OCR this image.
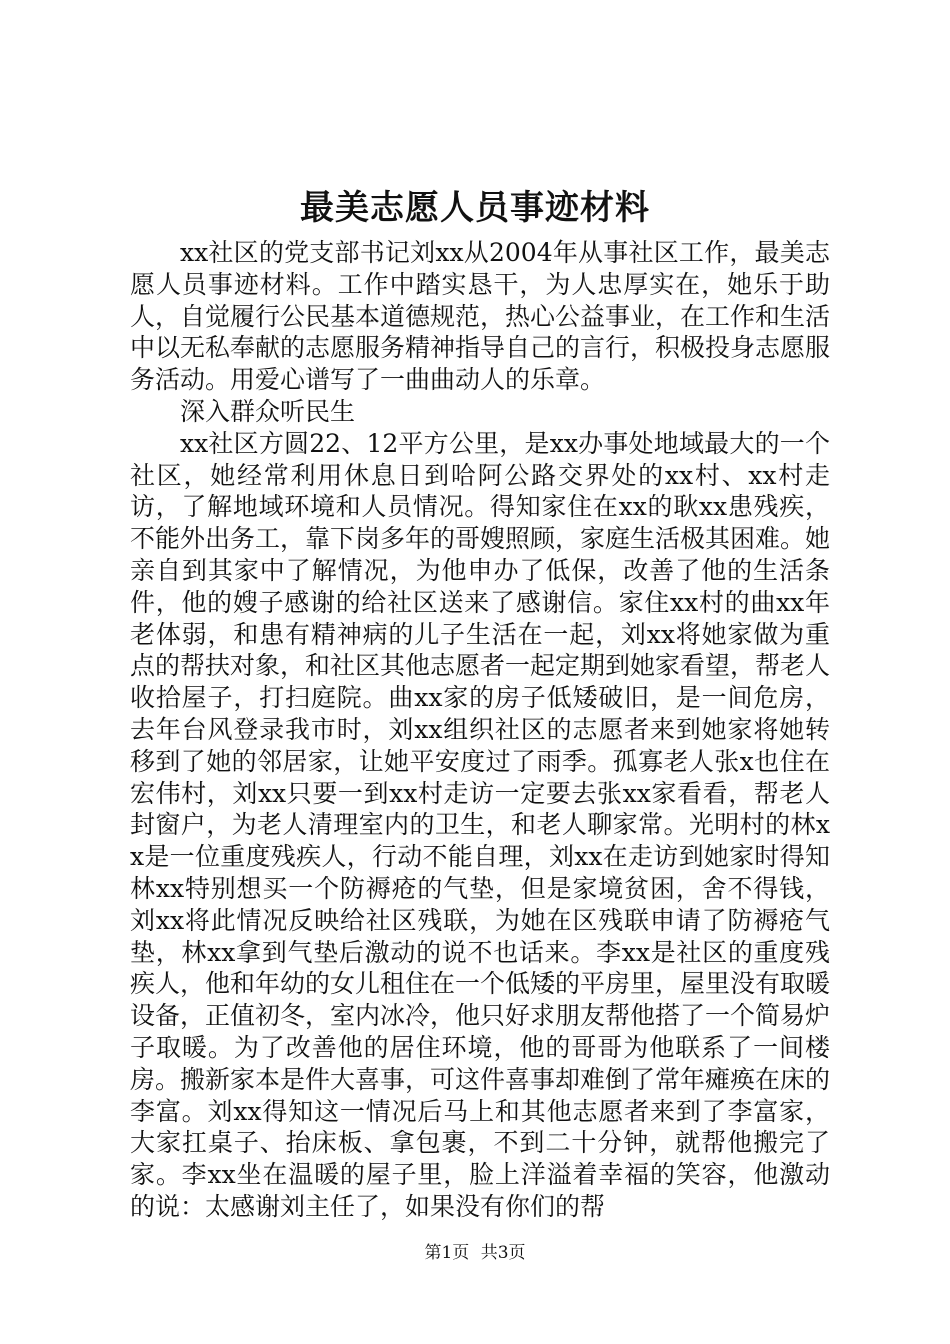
最美志愿人员事迹材料

xx社区的党支部书记刘xx从2004年从事社区工作，最美志愿人员事迹材料。工作中踏实恳干，为人忠厚实在，她乐于助人，自觉履行公民基本道德规范，热心公益事业，在工作和生活中以无私奉献的志愿服务精神指导自己的言行，积极投身志愿服务活动。用爱心谱写了一曲曲动人的乐章。

深入群众听民生

xx社区方圆22、12平方公里，是xx办事处地域最大的一个社区，她经常利用休息日到哈阿公路交界处的xx村、xx村走访，了解地域环境和人员情况。得知家住在xx的耿xx患残疾，不能外出务工，靠下岗多年的哥嫂照顾，家庭生活极其困难。她亲自到其家中了解情况，为他申办了低保，改善了他的生活条件，他的嫂子感谢的给社区送来了感谢信。家住xx村的曲xx年老体弱，和患有精神病的儿子生活在一起，刘xx将她家做为重点的帮扶对象，和社区其他志愿者一起定期到她家看望，帮老人收拾屋子，打扫庭院。曲xx家的房子低矮破旧，是一间危房，去年台风登录我市时，刘xx组织社区的志愿者来到她家将她转移到了她的邻居家，让她平安度过了雨季。孤寡老人张x也住在宏伟村，刘xx只要一到xx村走访一定要去张xx家看看，帮老人封窗户，为老人清理室内的卫生，和老人聊家常。光明村的林xx是一位重度残疾人，行动不能自理，刘xx在走访到她家时得知林xx特别想买一个防褥疮的气垫，但是家境贫困，舍不得钱，刘xx将此情况反映给社区残联，为她在区残联申请了防褥疮气垫，林xx拿到气垫后激动的说不也话来。李xx是社区的重度残疾人，他和年幼的女儿租住在一个低矮的平房里，屋里没有取暖设备，正值初冬，室内冰冷，他只好求朋友帮他搭了一个简易炉子取暖。为了改善他的居住环境，他的哥哥为他联系了一间楼房。搬新家本是件大喜事，可这件喜事却难倒了常年瘫痪在床的李富。刘xx得知这一情况后马上和其他志愿者来到了李富家，大家扛桌子、抬床板、拿包裹，不到二十分钟，就帮他搬完了家。李xx坐在温暖的屋子里，脸上洋溢着幸福的笑容，他激动的说：太感谢刘主任了，如果没有你们的帮

第1页 共3页
